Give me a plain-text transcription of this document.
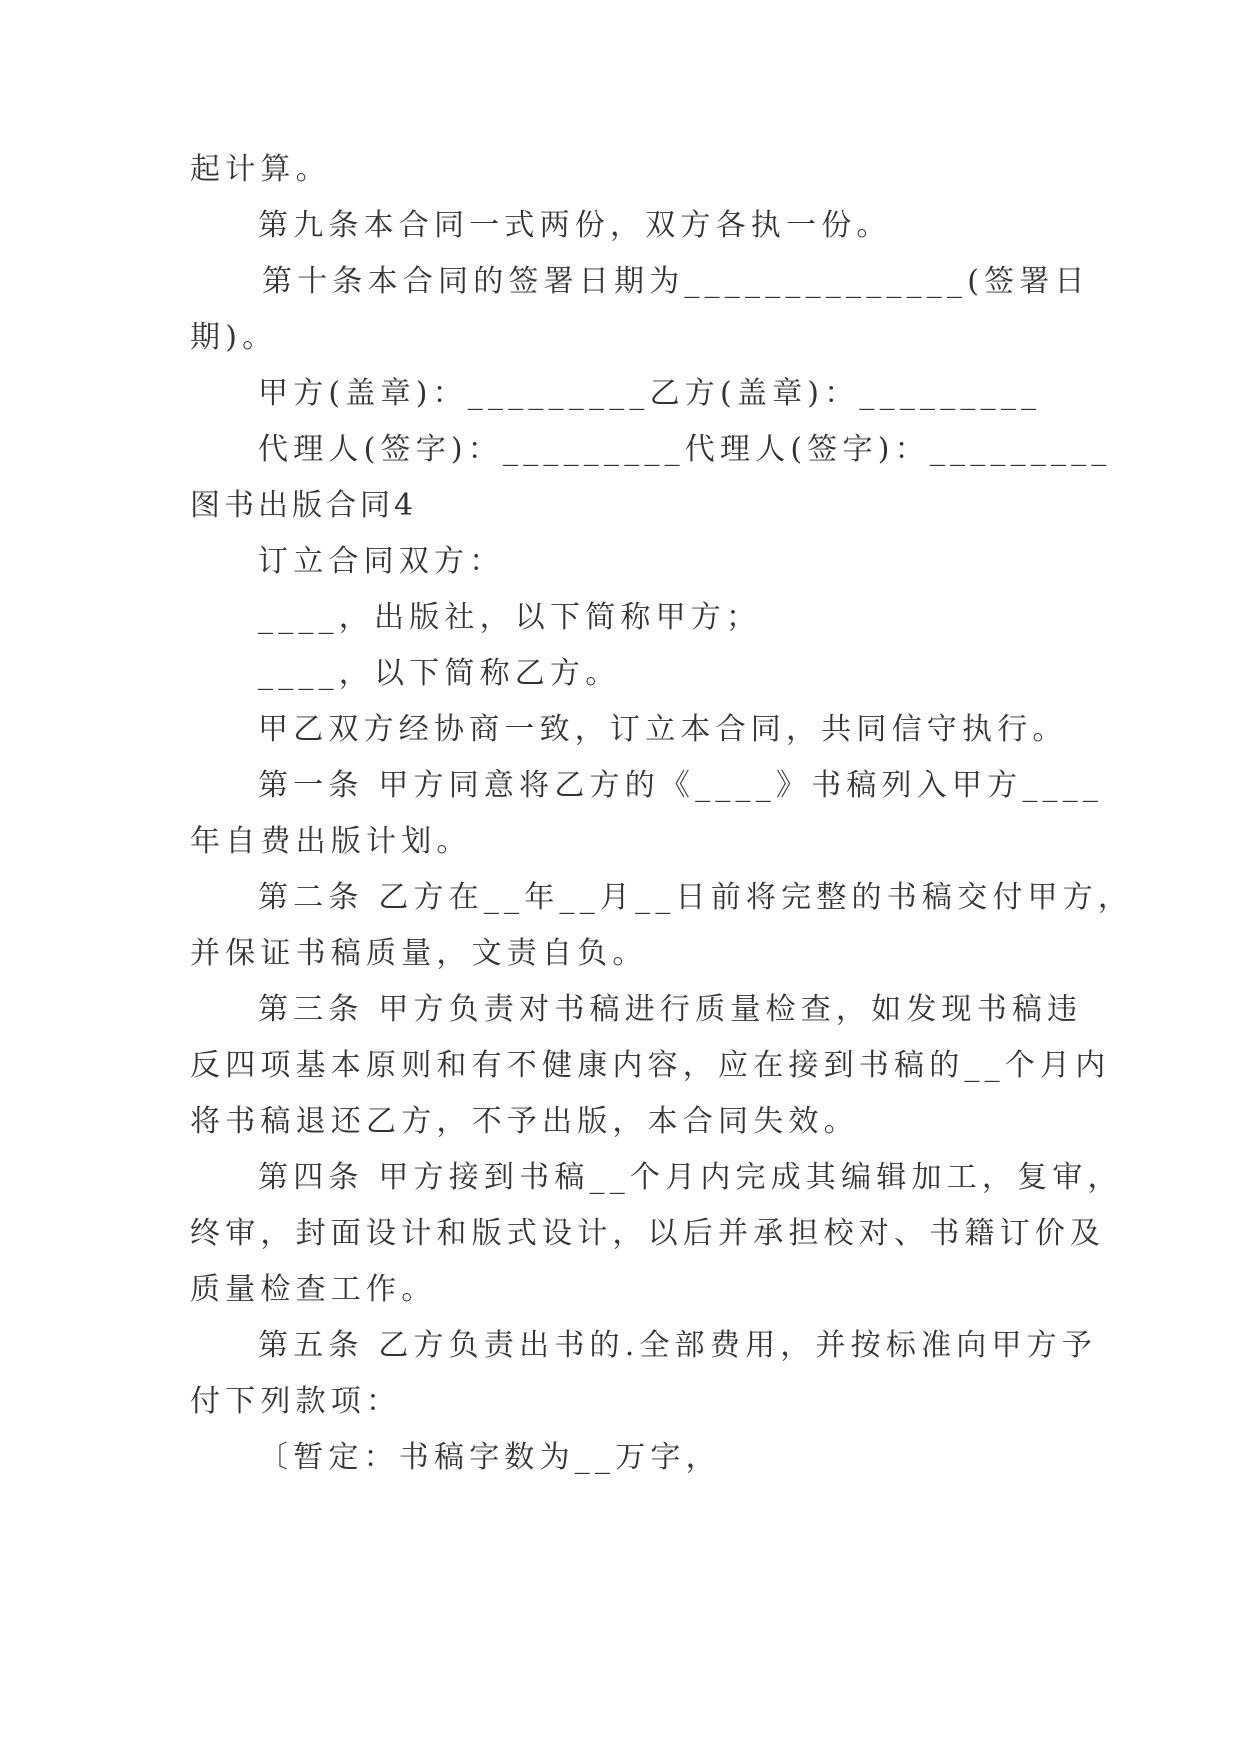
起计算。
第九条本合同一式两份，双方各执一份。
第十条本合同的签署日期为______________(签署日
期)。
甲方(盖章)：_________乙方(盖章)：_________
代理人(签字)：_________代理人(签字)：_________
图书出版合同4
订立合同双方：
____，出版社，以下简称甲方；
____，以下简称乙方。
甲乙双方经协商一致，订立本合同，共同信守执行。
第一条 甲方同意将乙方的《____》书稿列入甲方____
年自费出版计划。
第二条 乙方在__年__月__日前将完整的书稿交付甲方，
并保证书稿质量，文责自负。
第三条 甲方负责对书稿进行质量检查，如发现书稿违
反四项基本原则和有不健康内容，应在接到书稿的__个月内
将书稿退还乙方，不予出版，本合同失效。
第四条 甲方接到书稿__个月内完成其编辑加工，复审，
终审，封面设计和版式设计，以后并承担校对、书籍订价及
质量检查工作。
第五条 乙方负责出书的.全部费用，并按标准向甲方予
付下列款项：
〔暂定：书稿字数为__万字，
